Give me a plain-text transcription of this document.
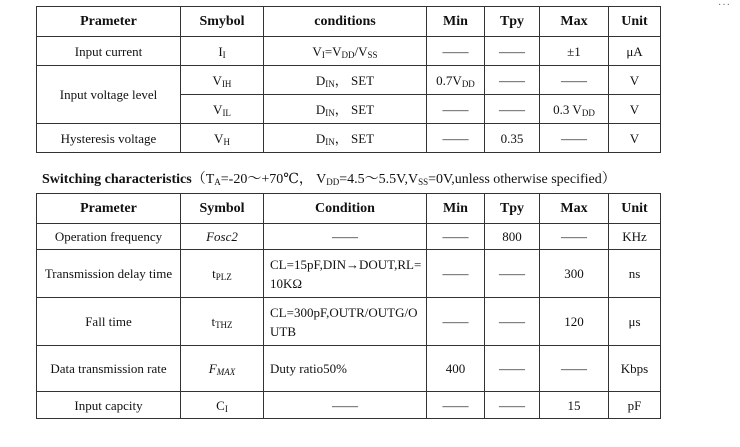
···
Prameter	Smybol	conditions	Min	Tpy	Max	Unit
Input current	$I_I$	$V_I=V_{DD}/V_{SS}$	——	——	±1	μA
Input voltage level	$V_{IH}$	$D_{IN}$， SET	$0.7V_{DD}$	——	——	V
	$V_{IL}$	$D_{IN}$， SET	——	——	0.3 $V_{DD}$	V
Hysteresis voltage	$V_H$	$D_{IN}$， SET	——	0.35	——	V
Switching $characteristics(T_A=-20\sim+70℃$， $V_{DD}=4.5\sim 5.5V,V_{SS}=0V,unless$ otherwise specified）
Prameter	Symbol	Condition	Min	Tpy	Max	Unit
Operation frequency	Fosc2	——	——	800	——	KHz
Transmission delay time	$t_{PLZ}$	CL=15pF,DIN→DOUT,RL=10KΩ	——	——	300	ns
Fall time	$t_{THZ}$	CL=300pF,OUTR/OUTG/OUTB	——	——	120	μs
Data transmission rate	$F_{MAX}$	Duty ratio50%	400	——	——	Kbps
Input capcity	$C_I$	——	——	——	15	pF
